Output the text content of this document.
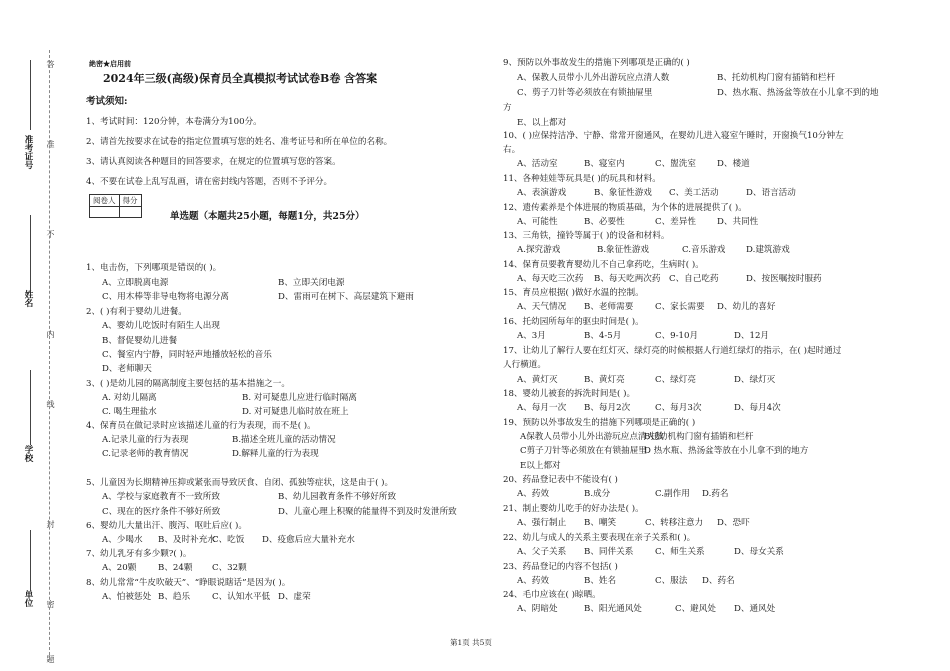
准考证号
姓名
学校
单位 密
封
线
内
不
准
答
题
絶密★启用前
2024年三级(高级)保育员全真模拟考试试卷B卷 含答案
考试须知:
1、考试时间：120分钟，本卷满分为100分。
2、请首先按要求在试卷的指定位置填写您的姓名、准考证号和所在单位的名称。
3、请认真阅读各种题目的回答要求，在规定的位置填写您的答案。
4、不要在试卷上乱写乱画，请在密封线内答题，否则不予评分。
阅卷人	得分

单选题（本题共25小题，每题1分，共25分）
1、电击伤，下列哪项是错误的( )。
A、立即脱离电源	B、立即关闭电源
C、用木棒等非导电物将电源分离	D、雷雨可在树下、高层建筑下避雨
2、( )有利于婴幼儿进餐。
A、婴幼儿吃饭时有陌生人出现
B、督促婴幼儿进餐
C、餐室内宁静，同时轻声地播放轻松的音乐
D、老师聊天
3、( )是幼儿园的隔离制度主要包括的基本措施之一。
A. 对幼儿隔离	B. 对可疑患儿应进行临时隔离
C. 喝生理盐水	D. 对可疑患儿临时放在班上
4、保育员在做记录时应该描述儿童的行为表现，而不是( )。
A.记录儿童的行为表现	B.描述全班儿童的活动情况
C.记录老师的教育情况	D.解释儿童的行为表现
5、儿童因为长期精神压抑或紧张而导致厌食、自闭、孤独等症状，这是由于( )。
A、学校与家庭教育不一致所致	B、幼儿园教育条件不够好所致
C、现在的医疗条件不够好所致	D、儿童心理上积聚的能量得不到及时发泄所致
6、婴幼儿大量出汗、腹泻、呕吐后应( )。
A、少喝水 B、及时补充水
C、吃饭 D、疫愈后应大量补充水
7、幼儿乳牙有多少颗?( )。
A、20颗	B、24颗 C、32颗
8、幼儿常常“牛皮吹破天”、“睁眼说瞎话”是因为( )。
A、怕被惩处 B、趋乐	C、认知水平低 D、虚荣
9、预防以外事故发生的措施下列哪项是正确的( )
A、保教人员带小儿外出游玩应点清人数	B、托幼机构门窗有插销和栏杆
C、剪子刀针等必须放在有锁抽屉里	D、热水瓶、热汤盆等放在小儿拿不到的地
方
E、以上都对
10、( )应保持洁净、宁静、常常开窗通风，在婴幼儿进入寝室午睡时，开窗换气10分钟左
右。
A、活动室	B、寝室内	C、盥洗室 D、楼道
11、各种娃娃等玩具是( )的玩具和材料。
A、表演游戏	B、象征性游戏 C、美工活动	D、语言活动
12、遗传素养是个体进展的物质基础，为个体的进展提供了( )。
A、可能性	B、必要性	C、差异性 D、共同性
13、三角铁，撞铃等属于( )的设备和材料。
A.探究游戏	B.象征性游戏	C.音乐游戏 D.建筑游戏
14、保育员要教育婴幼儿不自己拿药吃，生病时( )。
A、每天吃三次药 B、每天吃两次药 C、自己吃药	D、按医嘱按时服药
15、育员应根据( )做好水温的控制。
A、天气情况 B、老师需要	C、家长需要 D、幼儿的喜好
16、托幼园所每年的驱虫时间是( )。
A、3月	B、4-5月	C、9-10月	D、12月
17、让幼儿了解行人要在红灯灭、绿灯亮的时候根据人行道红绿灯的指示，在( )起时通过
人行横道。
A、黄灯灭	B、黄灯亮	C、绿灯亮	D、绿灯灭
18、婴幼儿被套的拆洗时间是( )。
A、每月一次 B、每月2次	C、每月3次	D、每月4次
19、预防以外事故发生的措施下列哪项是正确的( )
A保教人员带小儿外出游玩应点清人数
B托幼机构门窗有插销和栏杆
C剪子刀针等必须放在有锁抽屉里
D 热水瓶、热汤盆等放在小儿拿不到的地方
E以上都对
20、药品登记表中不能设有( )
A、药效	B.成分	C.副作用 D.药名
21、制止婴幼儿吃手的好办法是( )。
A、强行制止 B、嘲笑	C、转移注意力 D、恐吓
22、幼儿与成人的关系主要表现在亲子关系和( )。
A、父子关系 B、同伴关系	C、师生关系	D、母女关系
23、药品登记的内容不包括( )
A、药效	B、姓名	C、服法 D、药名
24、毛巾应该在( )晾晒。
A、阴暗处	B、阳光通风处	C、避风处 D、通风处
第1页 共5页
